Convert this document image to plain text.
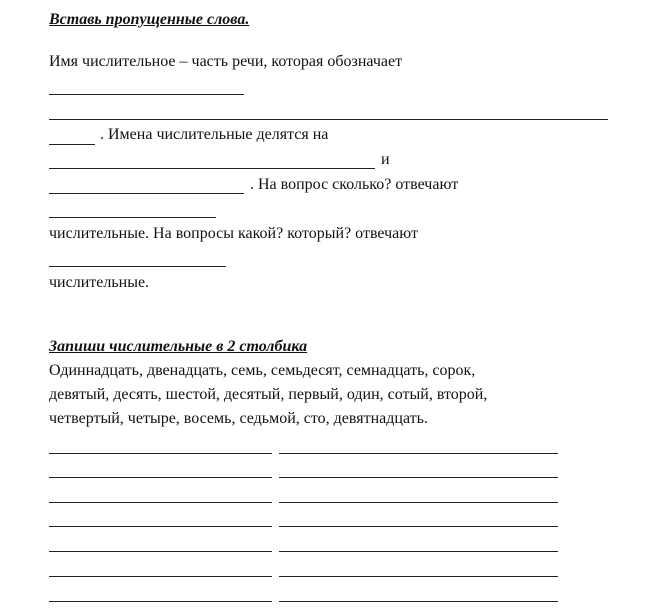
Вставь пропущенные слова.
Имя числительное – часть речи, которая обозначает
. Имена числительные делятся на
и
. На вопрос сколько? отвечают
числительные. На вопросы какой? который? отвечают
числительные.
Запиши числительные в 2 столбика
Одиннадцать, двенадцать, семь, семьдесят, семнадцать, сорок,
девятый, десять, шестой, десятый, первый, один, сотый, второй,
четвертый, четыре, восемь, седьмой, сто, девятнадцать.
